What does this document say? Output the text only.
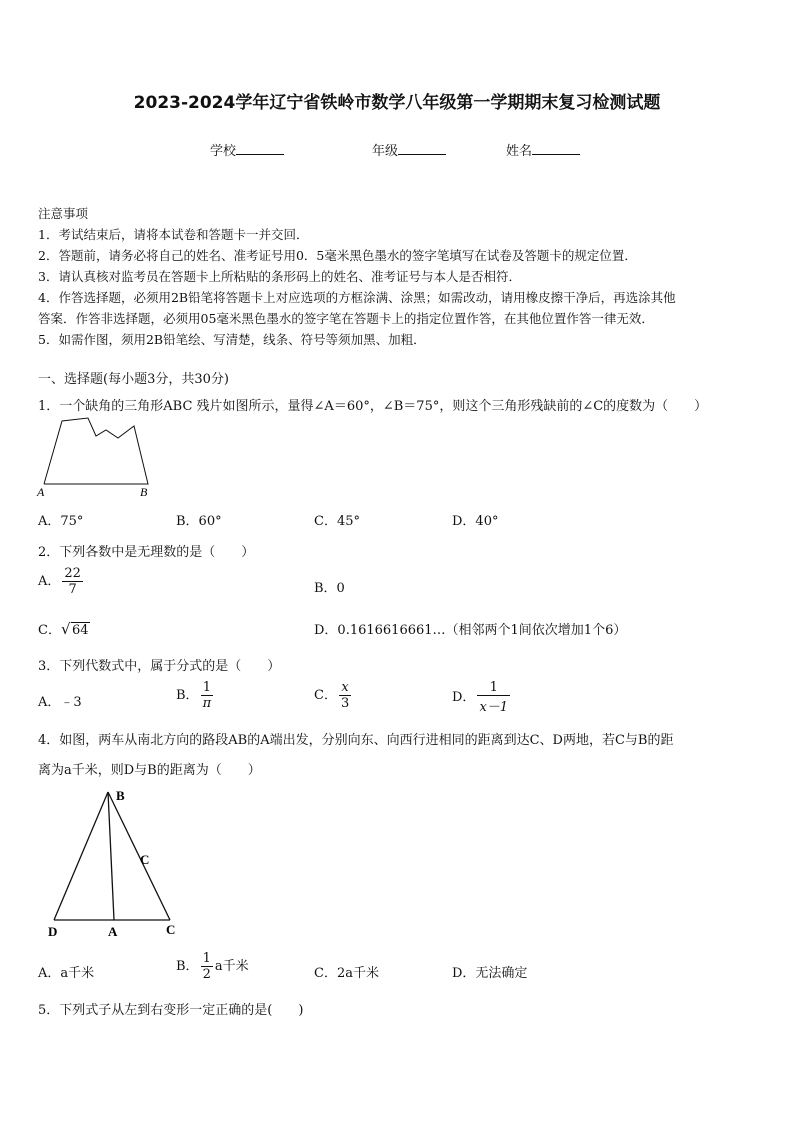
2023-2024学年辽宁省铁岭市数学八年级第一学期期末复习检测试题
学校	年级	姓名
注意事项
1．考试结束后，请将本试卷和答题卡一并交回．
2．答题前，请务必将自己的姓名、准考证号用0．5毫米黑色墨水的签字笔填写在试卷及答题卡的规定位置．
3．请认真核对监考员在答题卡上所粘贴的条形码上的姓名、准考证号与本人是否相符．
4．作答选择题，必须用2B铅笔将答题卡上对应选项的方框涂满、涂黑；如需改动，请用橡皮擦干净后，再选涂其他
答案．作答非选择题，必须用05毫米黑色墨水的签字笔在答题卡上的指定位置作答，在其他位置作答一律无效．
5．如需作图，须用2B铅笔绘、写清楚，线条、符号等须加黑、加粗．
一、选择题(每小题3分，共30分)
1．一个缺角的三角形ABC 残片如图所示，量得∠A＝60°，∠B＝75°，则这个三角形残缺前的∠C的度数为（　　）
A	B
A．75°	B．60°	C．45°	D．40°
2．下列各数中是无理数的是（　　）
A． $\frac{22}{7}$	B．0
C． √ 64	D．0.1616616661…（相邻两个1间依次增加1个6）
3．下列代数式中，属于分式的是（　　）
A．﹣3	B． $\frac{1}{\pi}$	C． $\frac{x}{3}$	D． $\frac{1}{x-1}$
4．如图，两车从南北方向的路段AB的A端出发，分别向东、向西行进相同的距离到达C、D两地，若C与B的距
离为a千米，则D与B的距离为（　　）
B
C
D	A	C
A．a千米	B． $\frac{1}{2}$ a千米	C．2a千米	D．无法确定
5．下列式子从左到右变形一定正确的是(　　)
